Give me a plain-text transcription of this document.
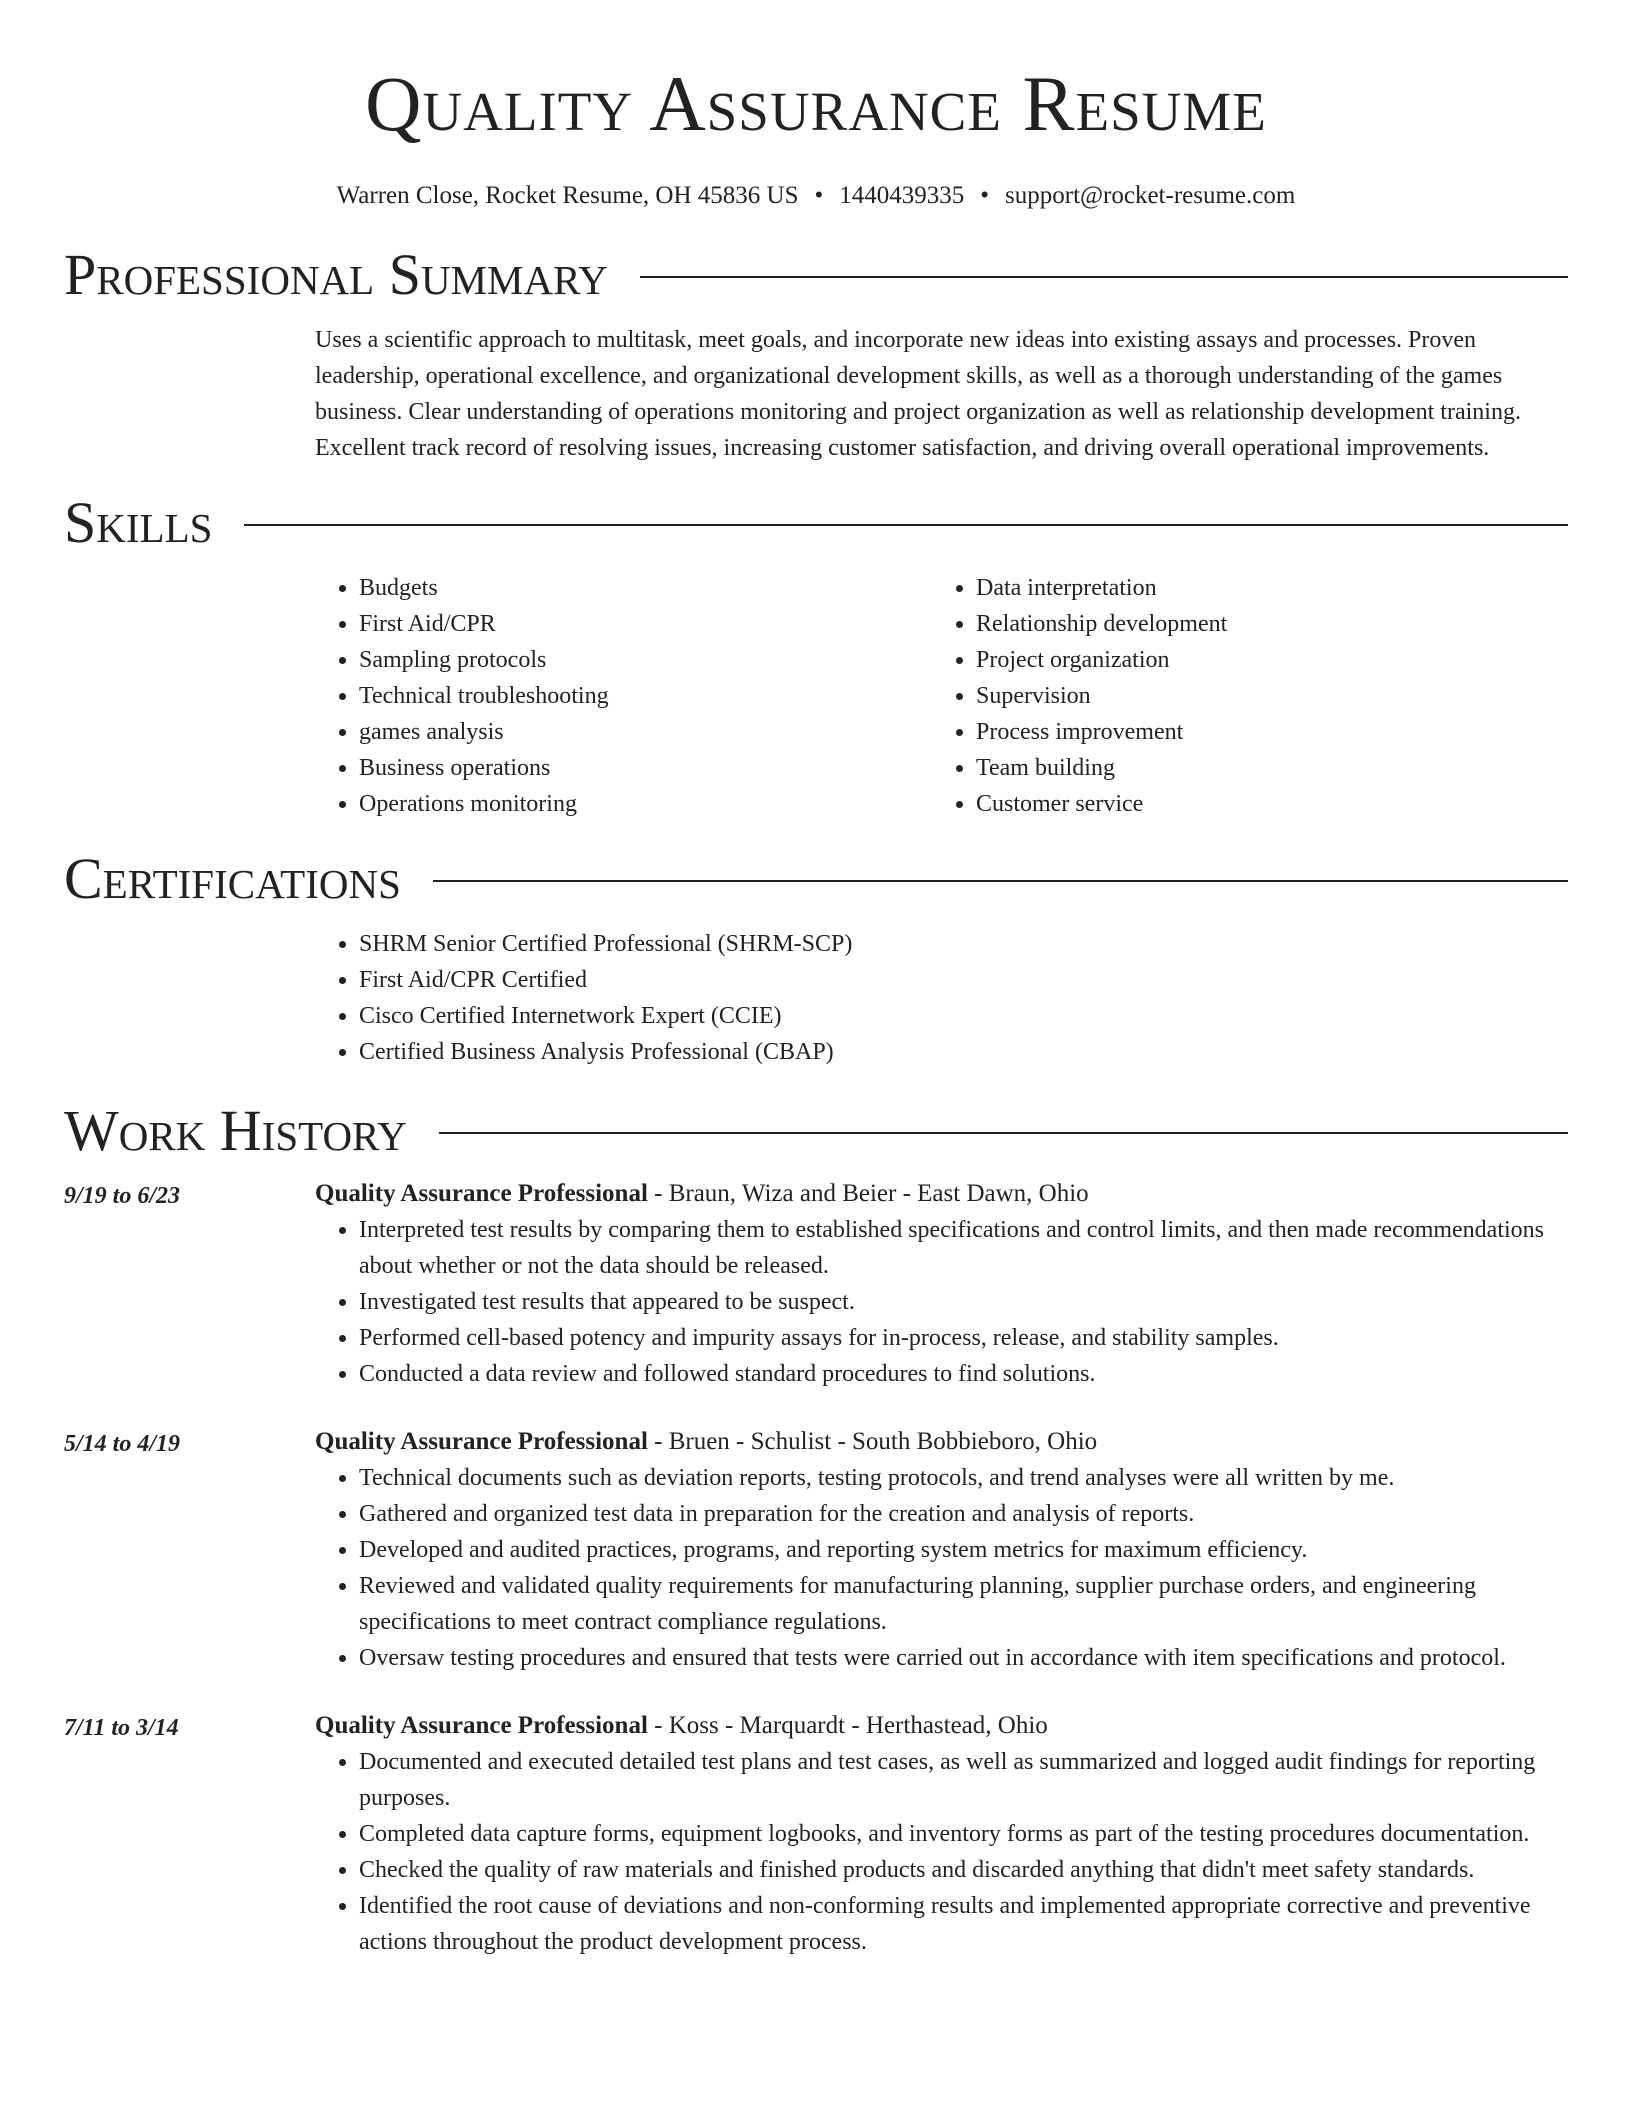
Quality Assurance Resume
Warren Close, Rocket Resume, OH 45836 US • 1440439335 • support@rocket-resume.com
Professional Summary
Uses a scientific approach to multitask, meet goals, and incorporate new ideas into existing assays and processes. Proven leadership, operational excellence, and organizational development skills, as well as a thorough understanding of the games business. Clear understanding of operations monitoring and project organization as well as relationship development training. Excellent track record of resolving issues, increasing customer satisfaction, and driving overall operational improvements.
Skills
• Budgets
• First Aid/CPR
• Sampling protocols
• Technical troubleshooting
• games analysis
• Business operations
• Operations monitoring
• Data interpretation
• Relationship development
• Project organization
• Supervision
• Process improvement
• Team building
• Customer service
Certifications
• SHRM Senior Certified Professional (SHRM-SCP)
• First Aid/CPR Certified
• Cisco Certified Internetwork Expert (CCIE)
• Certified Business Analysis Professional (CBAP)
Work History
9/19 to 6/23	Quality Assurance Professional - Braun, Wiza and Beier - East Dawn, Ohio
• Interpreted test results by comparing them to established specifications and control limits, and then made recommendations about whether or not the data should be released.
• Investigated test results that appeared to be suspect.
• Performed cell-based potency and impurity assays for in-process, release, and stability samples.
• Conducted a data review and followed standard procedures to find solutions.
5/14 to 4/19	Quality Assurance Professional - Bruen - Schulist - South Bobbieboro, Ohio
• Technical documents such as deviation reports, testing protocols, and trend analyses were all written by me.
• Gathered and organized test data in preparation for the creation and analysis of reports.
• Developed and audited practices, programs, and reporting system metrics for maximum efficiency.
• Reviewed and validated quality requirements for manufacturing planning, supplier purchase orders, and engineering specifications to meet contract compliance regulations.
• Oversaw testing procedures and ensured that tests were carried out in accordance with item specifications and protocol.
7/11 to 3/14	Quality Assurance Professional - Koss - Marquardt - Herthastead, Ohio
• Documented and executed detailed test plans and test cases, as well as summarized and logged audit findings for reporting purposes.
• Completed data capture forms, equipment logbooks, and inventory forms as part of the testing procedures documentation.
• Checked the quality of raw materials and finished products and discarded anything that didn't meet safety standards.
• Identified the root cause of deviations and non-conforming results and implemented appropriate corrective and preventive actions throughout the product development process.
